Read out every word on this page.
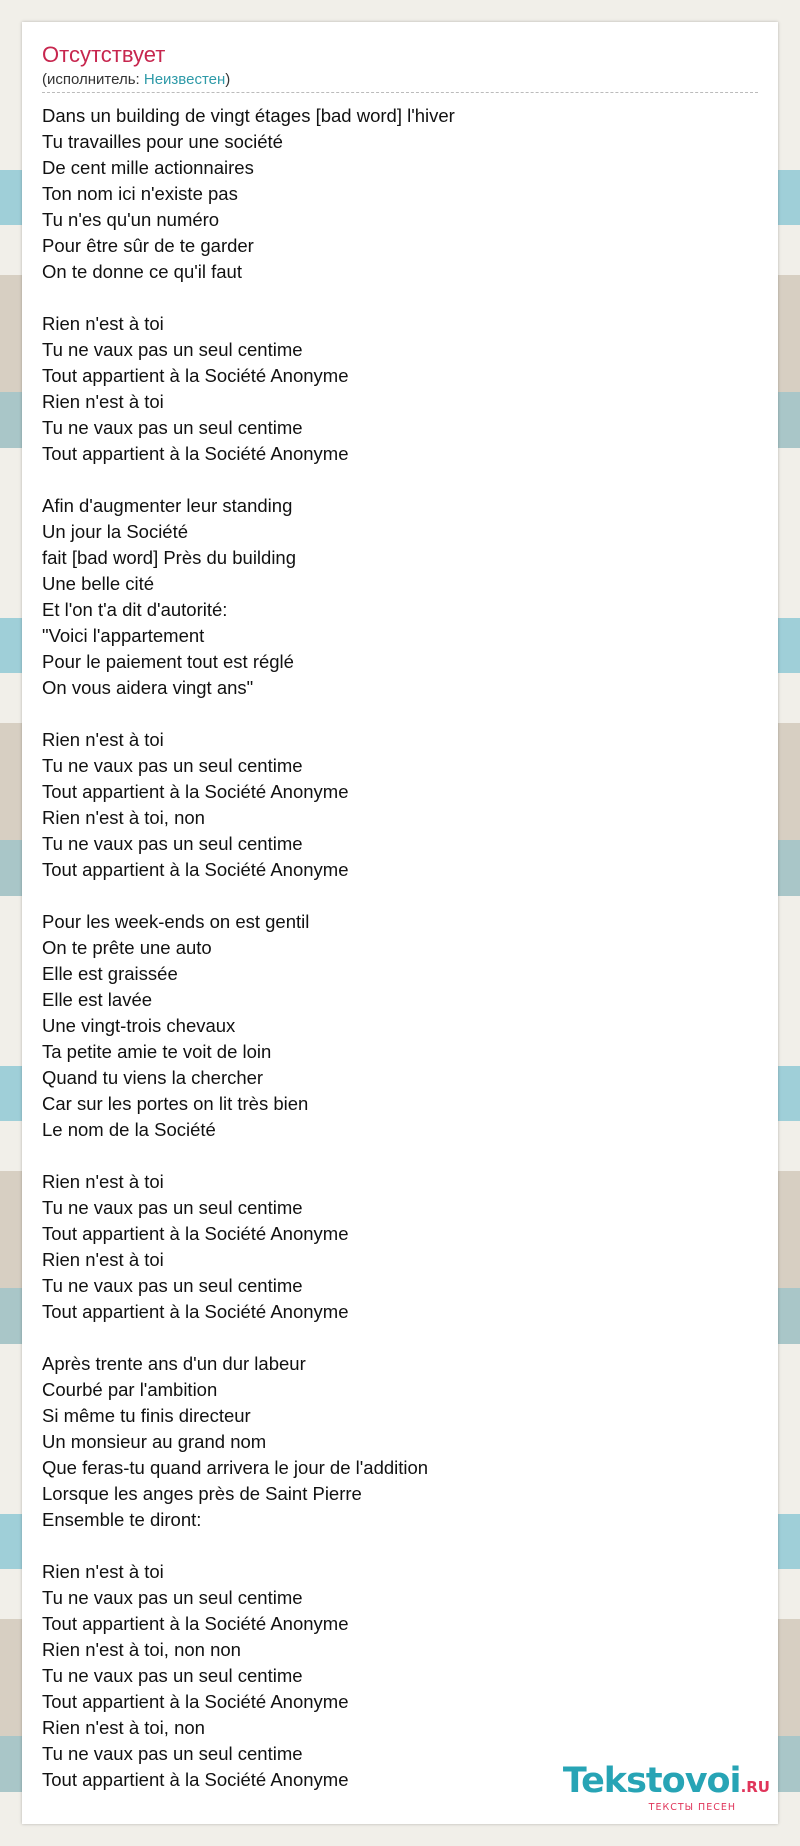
Отсутствует
(исполнитель: Неизвестен)
Dans un building de vingt étages [bad word] l'hiver
Tu travailles pour une société
De cent mille actionnaires
Ton nom ici n'existe pas
Tu n'es qu'un numéro
Pour être sûr de te garder
On te donne ce qu'il faut
Rien n'est à toi
Tu ne vaux pas un seul centime
Tout appartient à la Société Anonyme
Rien n'est à toi
Tu ne vaux pas un seul centime
Tout appartient à la Société Anonyme
Afin d'augmenter leur standing
Un jour la Société
fait [bad word] Près du building
Une belle cité
Et l'on t'a dit d'autorité:
"Voici l'appartement
Pour le paiement tout est réglé
On vous aidera vingt ans"
Rien n'est à toi
Tu ne vaux pas un seul centime
Tout appartient à la Société Anonyme
Rien n'est à toi, non
Tu ne vaux pas un seul centime
Tout appartient à la Société Anonyme
Pour les week-ends on est gentil
On te prête une auto
Elle est graissée
Elle est lavée
Une vingt-trois chevaux
Ta petite amie te voit de loin
Quand tu viens la chercher
Car sur les portes on lit très bien
Le nom de la Société
Rien n'est à toi
Tu ne vaux pas un seul centime
Tout appartient à la Société Anonyme
Rien n'est à toi
Tu ne vaux pas un seul centime
Tout appartient à la Société Anonyme
Après trente ans d'un dur labeur
Courbé par l'ambition
Si même tu finis directeur
Un monsieur au grand nom
Que feras-tu quand arrivera le jour de l'addition
Lorsque les anges près de Saint Pierre
Ensemble te diront:
Rien n'est à toi
Tu ne vaux pas un seul centime
Tout appartient à la Société Anonyme
Rien n'est à toi, non non
Tu ne vaux pas un seul centime
Tout appartient à la Société Anonyme
Rien n'est à toi, non
Tu ne vaux pas un seul centime
Tout appartient à la Société Anonyme	Tekstovoi.RU
ТЕКСТЫ ПЕСЕН
